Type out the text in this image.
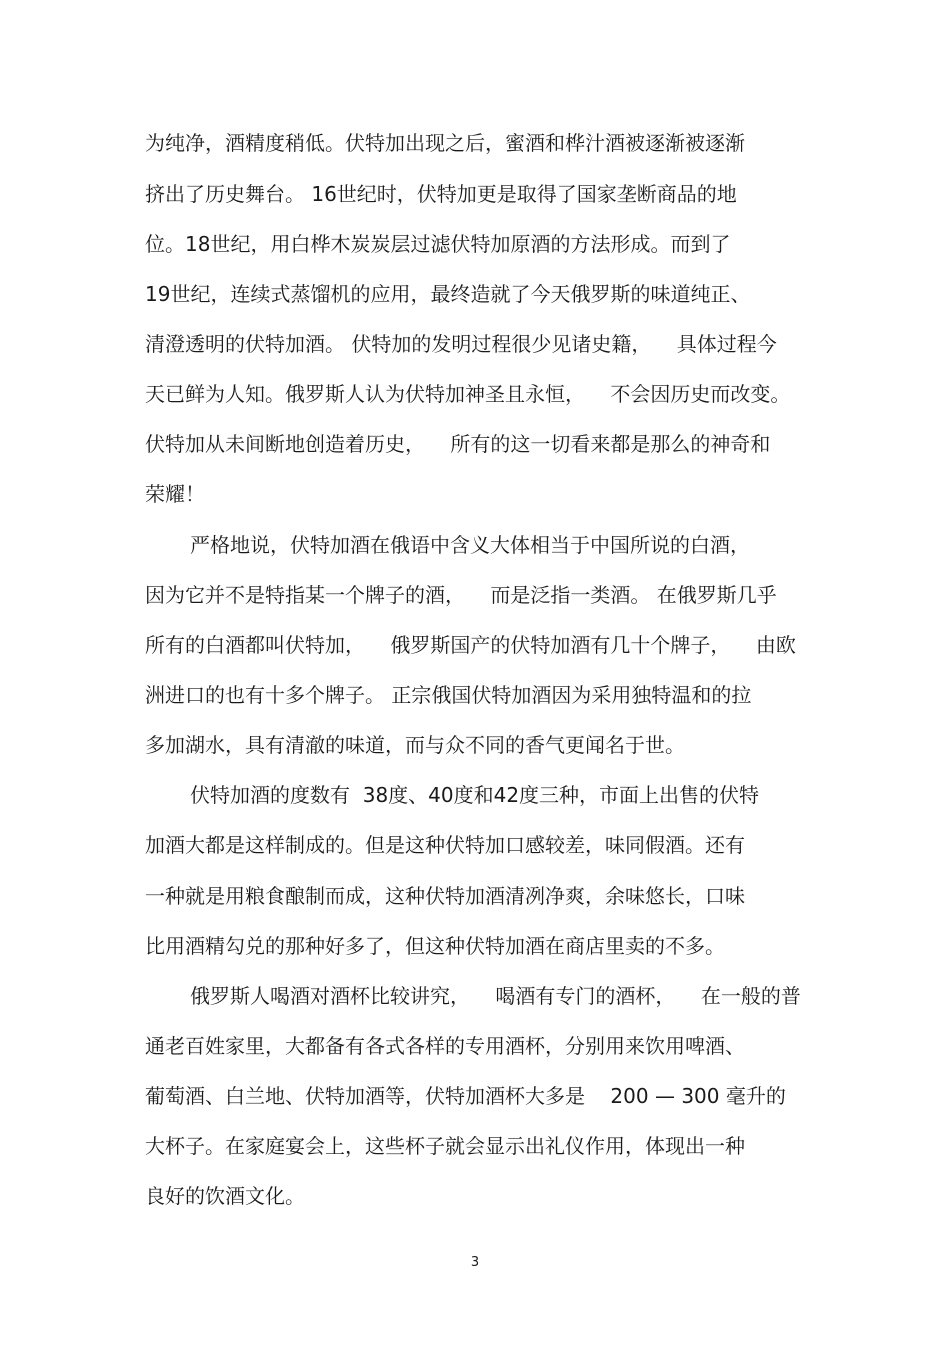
为纯净，酒精度稍低。伏特加出现之后，蜜酒和桦汁酒被逐渐被逐渐
挤出了历史舞台。 16世纪时，伏特加更是取得了国家垄断商品的地
位。18世纪，用白桦木炭炭层过滤伏特加原酒的方法形成。而到了
19世纪，连续式蒸馏机的应用，最终造就了今天俄罗斯的味道纯正、
清澄透明的伏特加酒。 伏特加的发明过程很少见诸史籍，    具体过程今
天已鲜为人知。俄罗斯人认为伏特加神圣且永恒，    不会因历史而改变。
伏特加从未间断地创造着历史，    所有的这一切看来都是那么的神奇和
荣耀！
严格地说，伏特加酒在俄语中含义大体相当于中国所说的白酒，
因为它并不是特指某一个牌子的酒，    而是泛指一类酒。 在俄罗斯几乎
所有的白酒都叫伏特加，    俄罗斯国产的伏特加酒有几十个牌子，    由欧
洲进口的也有十多个牌子。 正宗俄国伏特加酒因为采用独特温和的拉
多加湖水，具有清澈的味道，而与众不同的香气更闻名于世。
伏特加酒的度数有  38度、40度和42度三种，市面上出售的伏特
加酒大都是这样制成的。但是这种伏特加口感较差，味同假酒。还有
一种就是用粮食酿制而成，这种伏特加酒清冽净爽，余味悠长，口味
比用酒精勾兑的那种好多了，但这种伏特加酒在商店里卖的不多。
俄罗斯人喝酒对酒杯比较讲究，    喝酒有专门的酒杯，    在一般的普
通老百姓家里，大都备有各式各样的专用酒杯，分别用来饮用啤酒、
葡萄酒、白兰地、伏特加酒等，伏特加酒杯大多是    200 — 300 毫升的
大杯子。在家庭宴会上，这些杯子就会显示出礼仪作用，体现出一种
良好的饮酒文化。
3
